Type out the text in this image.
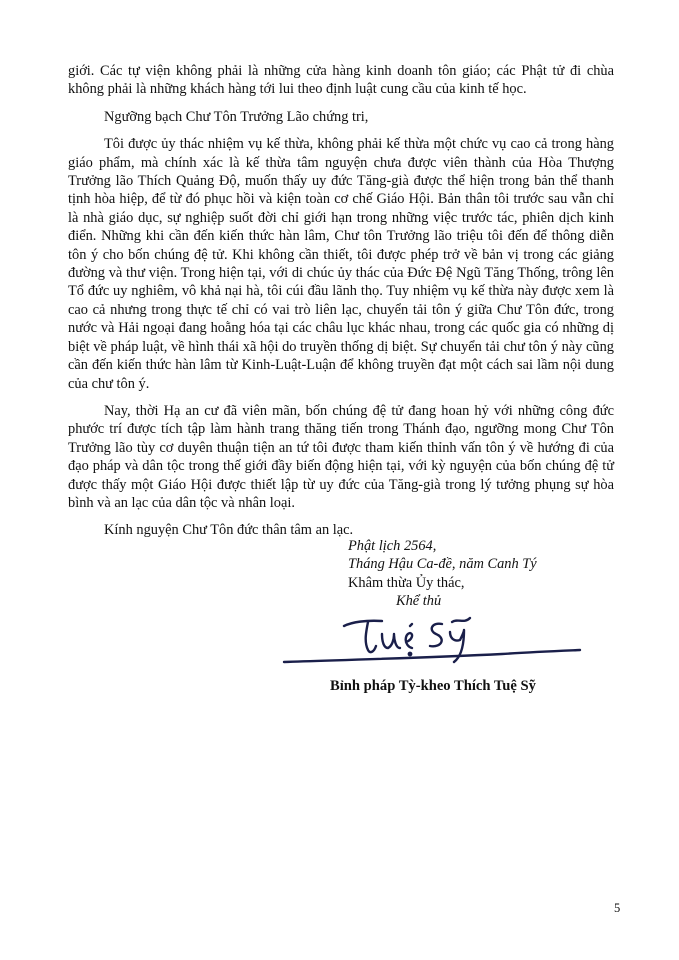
giới. Các tự viện không phải là những cửa hàng kinh doanh tôn giáo; các Phật tử đi chùa không phải là những khách hàng tới lui theo định luật cung cầu của kinh tế học.

Ngưỡng bạch Chư Tôn Trưởng Lão chứng tri,

Tôi được ủy thác nhiệm vụ kế thừa, không phải kế thừa một chức vụ cao cả trong hàng giáo phẩm, mà chính xác là kế thừa tâm nguyện chưa được viên thành của Hòa Thượng Trưởng lão Thích Quảng Độ, muốn thấy uy đức Tăng-già được thể hiện trong bản thể thanh tịnh hòa hiệp, để từ đó phục hồi và kiện toàn cơ chế Giáo Hội. Bản thân tôi trước sau vẫn chỉ là nhà giáo dục, sự nghiệp suốt đời chỉ giới hạn trong những việc trước tác, phiên dịch kinh điển. Những khi cần đến kiến thức hàn lâm, Chư tôn Trưởng lão triệu tôi đến để thông diễn tôn ý cho bốn chúng đệ tử. Khi không cần thiết, tôi được phép trở về bản vị trong các giảng đường và thư viện. Trong hiện tại, với di chúc ủy thác của Đức Đệ Ngũ Tăng Thống, trông lên Tổ đức uy nghiêm, vô khả nại hà, tôi cúi đầu lãnh thọ. Tuy nhiệm vụ kế thừa này được xem là cao cả nhưng trong thực tế chỉ có vai trò liên lạc, chuyển tải tôn ý giữa Chư Tôn đức, trong nước và Hải ngoại đang hoằng hóa tại các châu lục khác nhau, trong các quốc gia có những dị biệt về pháp luật, về hình thái xã hội do truyền thống dị biệt. Sự chuyển tải chư tôn ý này cũng cần đến kiến thức hàn lâm từ Kinh-Luật-Luận để không truyền đạt một cách sai lầm nội dung của chư tôn ý.

Nay, thời Hạ an cư đã viên mãn, bốn chúng đệ tử đang hoan hỷ với những công đức phước trí được tích tập làm hành trang thăng tiến trong Thánh đạo, ngưỡng mong Chư Tôn Trưởng lão tùy cơ duyên thuận tiện an tứ tôi được tham kiến thỉnh vấn tôn ý về hướng đi của đạo pháp và dân tộc trong thế giới đầy biến động hiện tại, với kỳ nguyện của bốn chúng đệ tử được thấy một Giáo Hội được thiết lập từ uy đức của Tăng-già trong lý tưởng phụng sự hòa bình và an lạc của dân tộc và nhân loại.

Kính nguyện Chư Tôn đức thân tâm an lạc.

Phật lịch 2564,
Tháng Hậu Ca-đề, năm Canh Tý
Khâm thừa Ủy thác,
Khể thủ
Bỉnh pháp Tỳ-kheo Thích Tuệ Sỹ
5
